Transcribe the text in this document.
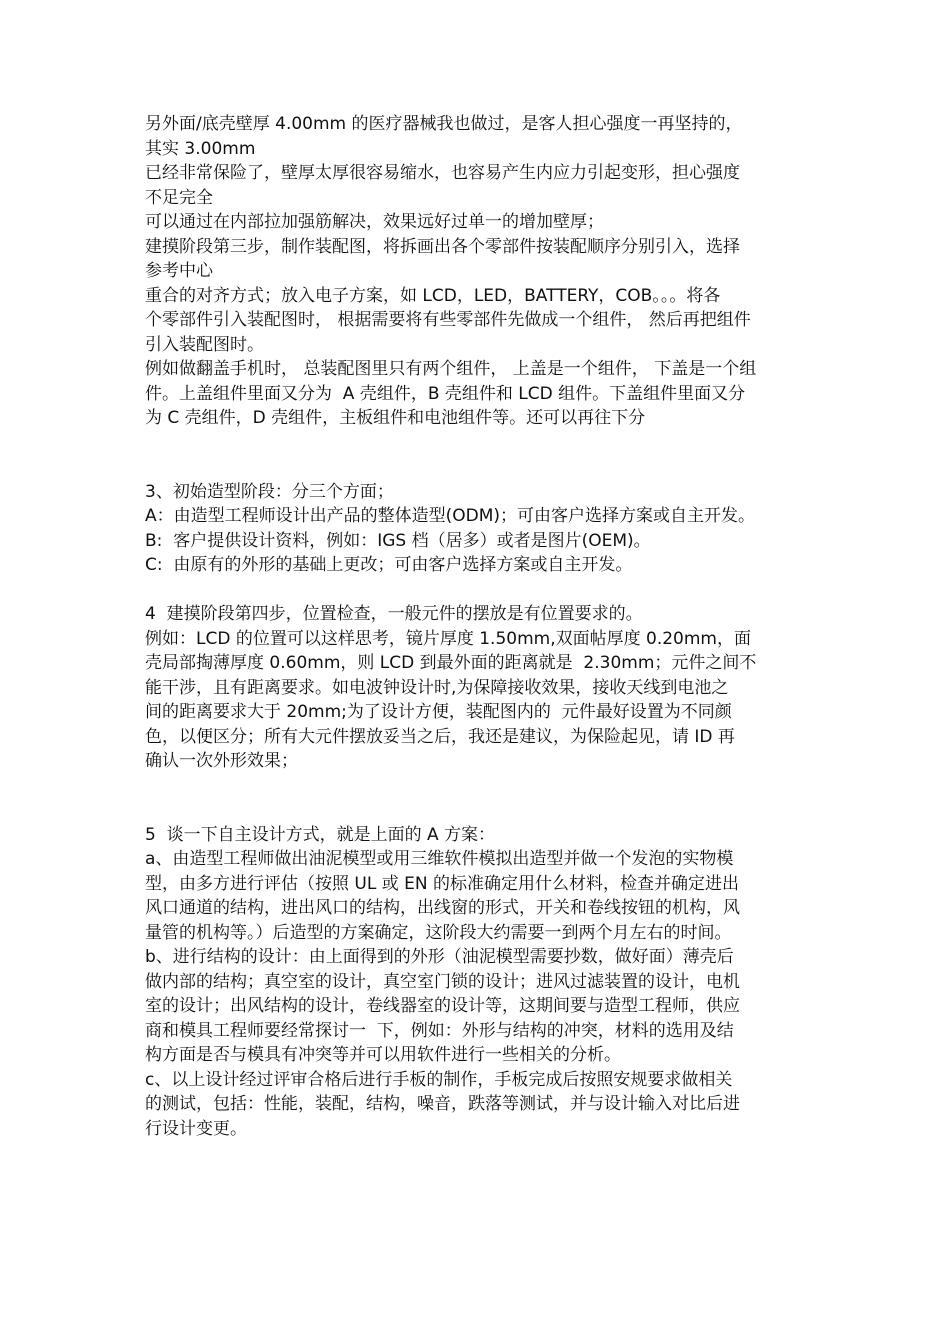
另外面/底壳壁厚 4.00mm 的医疗器械我也做过，是客人担心强度一再坚持的，
其实 3.00mm
已经非常保险了，壁厚太厚很容易缩水，也容易产生内应力引起变形，担心强度
不足完全
可以通过在内部拉加强筋解决，效果远好过单一的增加壁厚；
建摸阶段第三步，制作装配图，将拆画出各个零部件按装配顺序分别引入，选择
参考中心
重合的对齐方式；放入电子方案，如 LCD，LED，BATTERY，COB。。。将各
个零部件引入装配图时， 根据需要将有些零部件先做成一个组件， 然后再把组件
引入装配图时。
例如做翻盖手机时， 总装配图里只有两个组件， 上盖是一个组件， 下盖是一个组
件。上盖组件里面又分为  A 壳组件，B 壳组件和 LCD 组件。下盖组件里面又分
为 C 壳组件，D 壳组件，主板组件和电池组件等。还可以再往下分
3、初始造型阶段：分三个方面；
A：由造型工程师设计出产品的整体造型(ODM)；可由客户选择方案或自主开发。
B:  客户提供设计资料，例如：IGS 档（居多）或者是图片(OEM)。
C:  由原有的外形的基础上更改；可由客户选择方案或自主开发。
4  建摸阶段第四步，位置检查，一般元件的摆放是有位置要求的。
例如：LCD 的位置可以这样思考，镜片厚度 1.50mm,双面帖厚度 0.20mm，面
壳局部掏薄厚度 0.60mm，则 LCD 到最外面的距离就是  2.30mm；元件之间不
能干涉，且有距离要求。如电波钟设计时,为保障接收效果，接收天线到电池之
间的距离要求大于 20mm;为了设计方便，装配图内的  元件最好设置为不同颜
色，以便区分；所有大元件摆放妥当之后，我还是建议，为保险起见，请 ID 再
确认一次外形效果；
5  谈一下自主设计方式，就是上面的 A 方案：
a、由造型工程师做出油泥模型或用三维软件模拟出造型并做一个发泡的实物模
型，由多方进行评估（按照 UL 或 EN 的标准确定用什么材料，检查并确定进出
风口通道的结构，进出风口的结构，出线窗的形式，开关和卷线按钮的机构，风
量管的机构等。）后造型的方案确定，这阶段大约需要一到两个月左右的时间。
b、进行结构的设计：由上面得到的外形（油泥模型需要抄数，做好面）薄壳后
做内部的结构；真空室的设计，真空室门锁的设计；进风过滤装置的设计，电机
室的设计；出风结构的设计，卷线器室的设计等，这期间要与造型工程师，供应
商和模具工程师要经常探讨一  下，例如：外形与结构的冲突，材料的选用及结
构方面是否与模具有冲突等并可以用软件进行一些相关的分析。
c、以上设计经过评审合格后进行手板的制作，手板完成后按照安规要求做相关
的测试，包括：性能，装配，结构，噪音，跌落等测试，并与设计输入对比后进
行设计变更。
